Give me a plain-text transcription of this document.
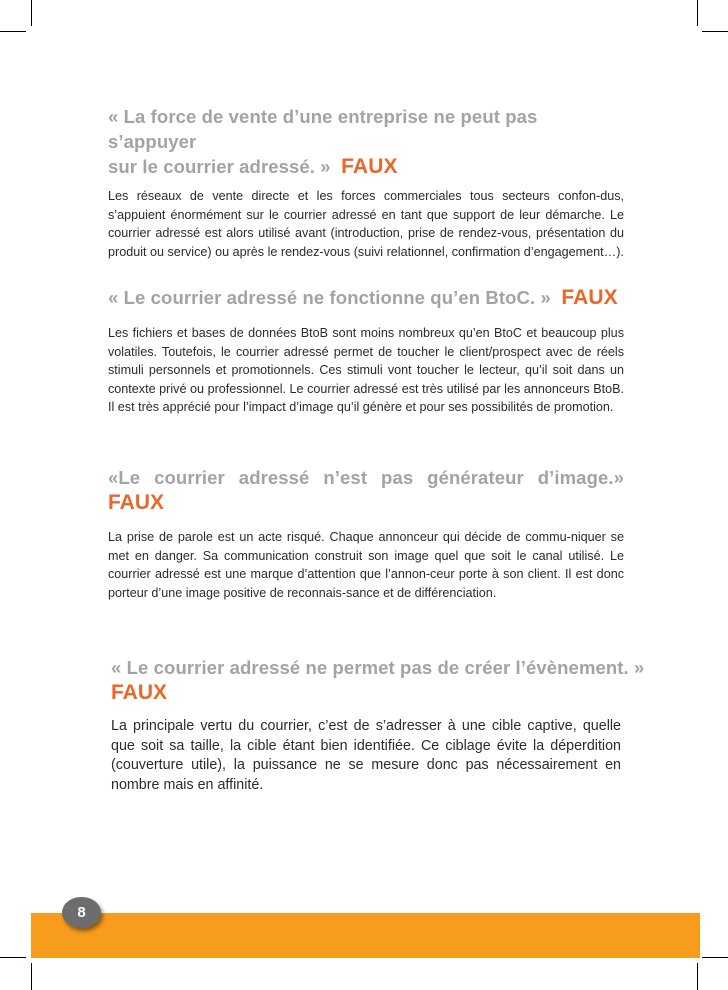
« La force de vente d’une entreprise ne peut pas s’appuyer
sur le courrier adressé. » FAUX
Les réseaux de vente directe et les forces commerciales tous secteurs confon-dus, s’appuient énormément sur le courrier adressé en tant que support de leur démarche. Le courrier adressé est alors utilisé avant (introduction, prise de rendez-vous, présentation du produit ou service) ou après le rendez-vous (suivi relationnel, confirmation d’engagement…).
« Le courrier adressé ne fonctionne qu’en BtoC. » FAUX
Les fichiers et bases de données BtoB sont moins nombreux qu’en BtoC et beaucoup plus volatiles. Toutefois, le courrier adressé permet de toucher le client/prospect avec de réels stimuli personnels et promotionnels. Ces stimuli vont toucher le lecteur, qu’il soit dans un contexte privé ou professionnel. Le courrier adressé est très utilisé par les annonceurs BtoB. Il est très apprécié pour l’impact d’image qu’il génère et pour ses possibilités de promotion.
«Le courrier adressé n’est pas générateur d’image.»
FAUX
La prise de parole est un acte risqué. Chaque annonceur qui décide de commu-niquer se met en danger. Sa communication construit son image quel que soit le canal utilisé. Le courrier adressé est une marque d’attention que l’annon-ceur porte à son client. Il est donc porteur d’une image positive de reconnais-sance et de différenciation.
« Le courrier adressé ne permet pas de créer l’évènement. »
FAUX
La principale vertu du courrier, c’est de s’adresser à une cible captive, quelle que soit sa taille, la cible étant bien identifiée. Ce ciblage évite la déperdition (couverture utile), la puissance ne se mesure donc pas nécessairement en nombre mais en affinité.
8
